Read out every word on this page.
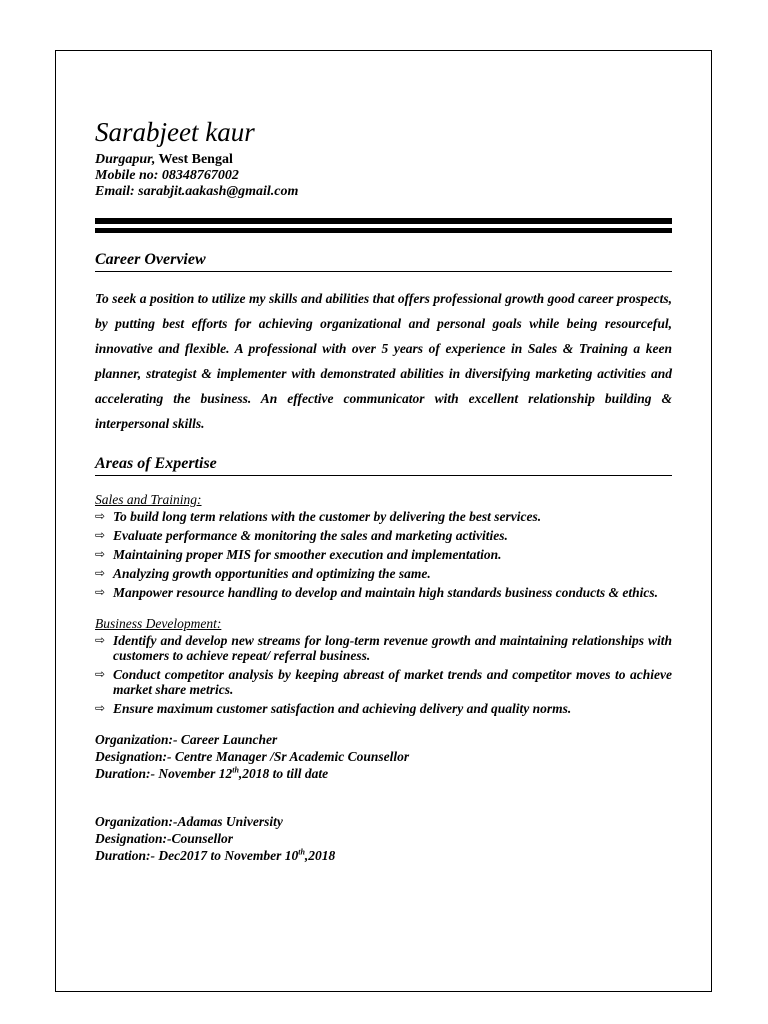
Sarabjeet kaur
Durgapur, West Bengal
Mobile no: 08348767002
Email: sarabjit.aakash@gmail.com
Career Overview
To seek a position to utilize my skills and abilities that offers professional growth good career prospects, by putting best efforts for achieving organizational and personal goals while being resourceful, innovative and flexible. A professional with over 5 years of experience in Sales & Training a keen planner, strategist & implementer with demonstrated abilities in diversifying marketing activities and accelerating the business. An effective communicator with excellent relationship building & interpersonal skills.
Areas of Expertise
Sales and Training:
⇨ To build long term relations with the customer by delivering the best services.
⇨ Evaluate performance & monitoring the sales and marketing activities.
⇨ Maintaining proper MIS for smoother execution and implementation.
⇨ Analyzing growth opportunities and optimizing the same.
⇨ Manpower resource handling to develop and maintain high standards business conducts & ethics.
Business Development:
⇨ Identify and develop new streams for long-term revenue growth and maintaining relationships with customers to achieve repeat/ referral business.
⇨ Conduct competitor analysis by keeping abreast of market trends and competitor moves to achieve market share metrics.
⇨ Ensure maximum customer satisfaction and achieving delivery and quality norms.
Organization:- Career Launcher
Designation:- Centre Manager /Sr Academic Counsellor
Duration:- November 12th,2018 to till date
Organization:-Adamas University
Designation:-Counsellor
Duration:- Dec2017 to November 10th,2018
